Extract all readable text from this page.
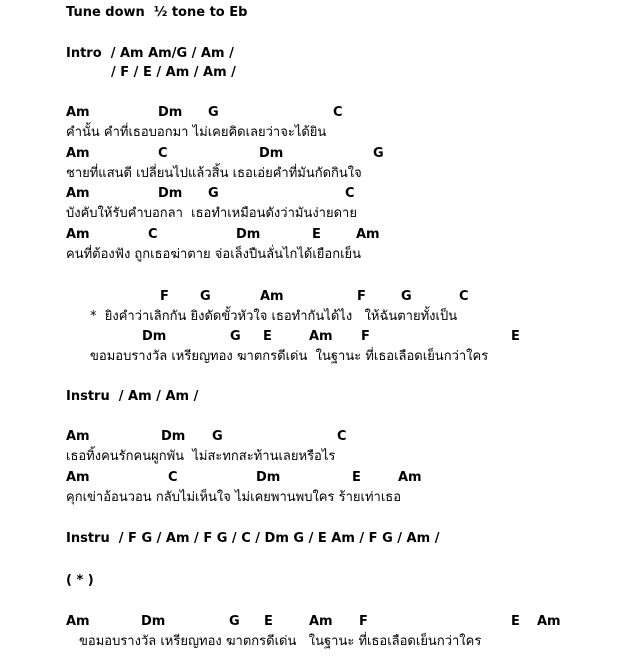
Tune down  ½ tone to Eb
Intro  / Am Am/G / Am /
/ F / E / Am / Am /
Am	Dm G	C
คำนั้น คำที่เธอบอกมา ไม่เคยคิดเลยว่าจะได้ยิน
Am	C	Dm	G
ชายที่แสนดี เปลี่ยนไปแล้วสิ้น เธอเอ่ยคำที่มันกัดกินใจ
Am	Dm G	C
บังคับให้รับคำบอกลา  เธอทำเหมือนดังว่ามันง่ายดาย
Am	C	Dm	E	Am
คนที่ต้องฟัง ถูกเธอฆ่าตาย จ่อเล็งปืนลั่นไกได้เยือกเย็น
F G	Am	F	G	C
*  ยิงคำว่าเลิกกัน ยิงดัดขั้วหัวใจ เธอทำกันได้ไง   ให้ฉันตายทั้งเป็น
Dm	G E	Am F	E
ขอมอบรางวัล เหรียญทอง ฆาตกรดีเด่น  ในฐานะ ที่เธอเลือดเย็นกว่าใคร
Instru  / Am / Am /
Am	Dm G	C
เธอทิ้งคนรักคนผูกพัน  ไม่สะทกสะท้านเลยหรือไร
Am	C	Dm	E	Am
คุกเข่าอ้อนวอน กลับไม่เห็นใจ ไม่เคยพานพบใคร ร้ายเท่าเธอ
Instru  / F G / Am / F G / C / Dm G / E Am / F G / Am /
( * )
Am	Dm	G E	Am F	E Am
ขอมอบรางวัล เหรียญทอง ฆาตกรดีเด่น   ในฐานะ ที่เธอเลือดเย็นกว่าใคร
